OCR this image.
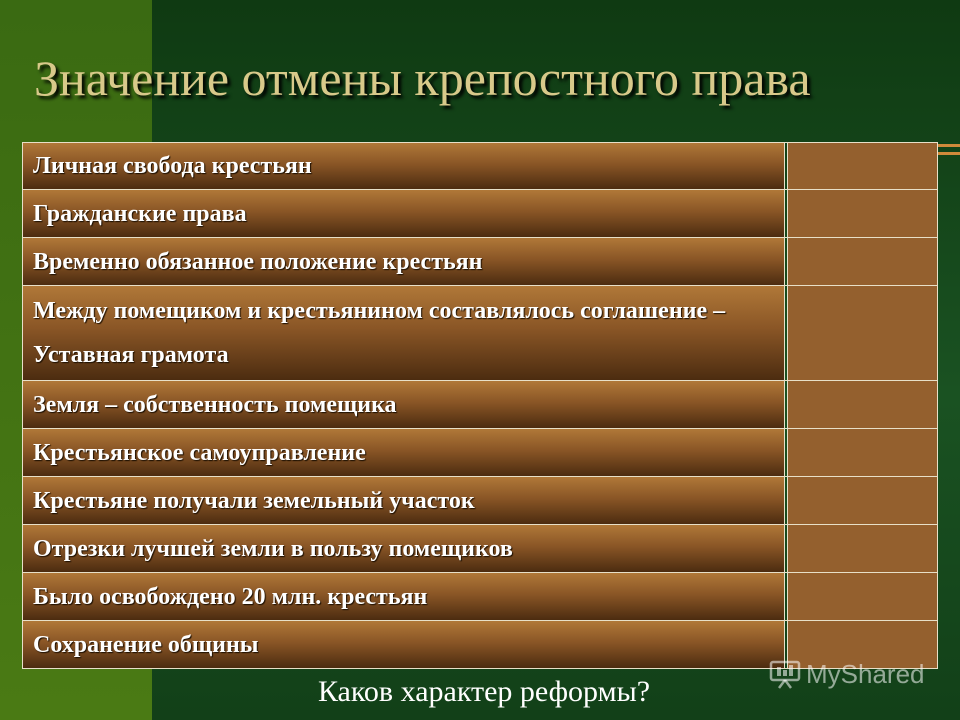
Значение отмены крепостного права
Личная свобода крестьян
Гражданские права
Временно обязанное положение крестьян
Между помещиком и крестьянином составлялось соглашение – Уставная грамота
Земля – собственность помещика
Крестьянское самоуправление
Крестьяне получали земельный участок
Отрезки лучшей земли в пользу помещиков
Было освобождено 20 млн. крестьян
Сохранение общины
Каков характер реформы?
MyShared
